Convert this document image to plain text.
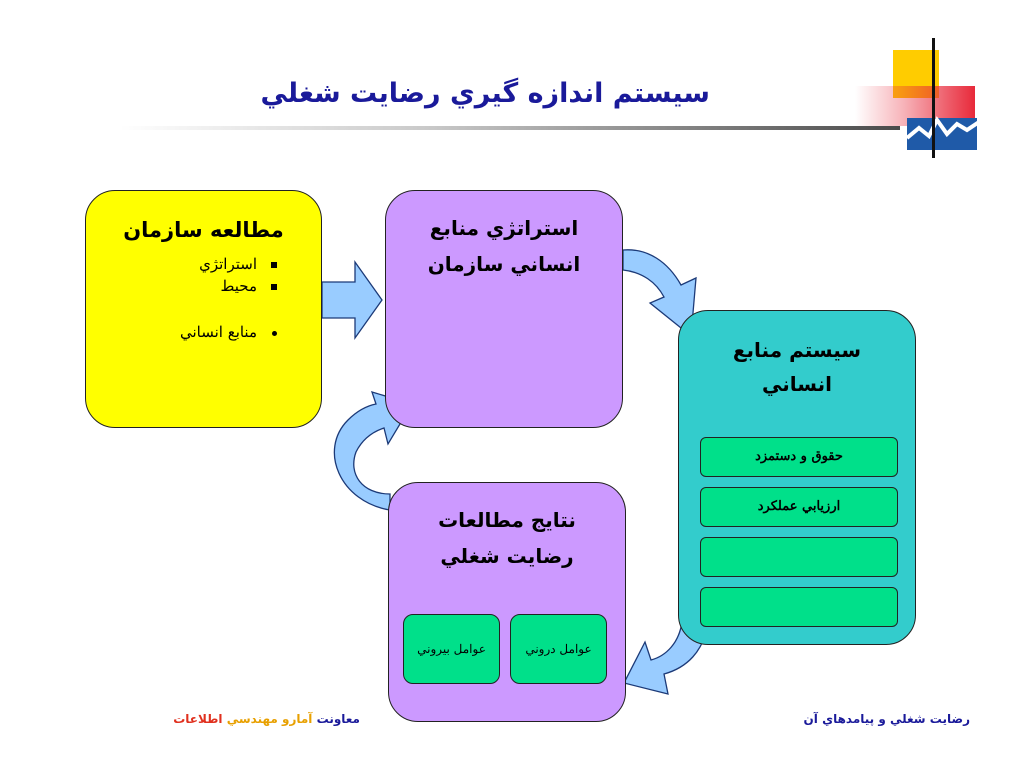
سيستم اندازه گيري رضايت شغلي
مطالعه سازمان
استراتژي
محيط
منابع انساني
استراتژي منابع
انساني سازمان
سيستم منابع
انساني
حقوق و دستمزد
ارزيابي عملكرد
نتايج مطالعات
رضايت شغلي
عوامل دروني
عوامل بيروني
معاونت آمارو مهندسي اطلاعات	رضايت شغلي و پيامدهاي آن
